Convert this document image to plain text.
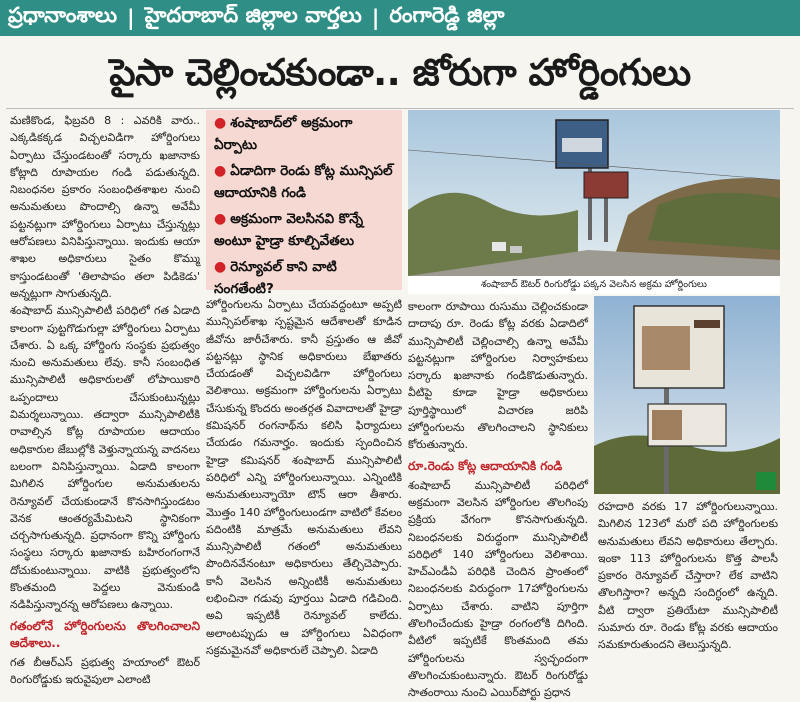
ప్రధానాంశాలు | హైదరాబాద్ జిల్లాల వార్తలు | రంగారెడ్డి జిల్లా
పైసా చెల్లించకుండా.. జోరుగా హోర్డింగులు

మణికొండ, ఫిబ్రవరి 8 : ఎవరికి వారు.. ఎక్కడికక్కడ విచ్చలవిడిగా హోర్డింగులు ఏర్పాటు చేస్తుండటంతో సర్కారు ఖజానాకు కోట్లాది రూపాయల గండి పడుతున్నది. నిబంధనల ప్రకారం సంబంధితశాఖల నుంచి అనుమతులు పొందాల్సి ఉన్నా అవేమీ పట్టనట్లుగా హోర్డింగులు ఏర్పాటు చేస్తున్నట్లు ఆరోపణలు వినిపిస్తున్నాయి. ఇందుకు ఆయా శాఖల అధికారులు సైతం కొమ్ము కాస్తుండటంతో 'తిలాపాపం తలా పిడికెడు' అన్నట్లుగా సాగుతున్నది.

శంషాబాద్ మున్సిపాలిటీ పరిధిలో గత ఏడాది కాలంగా పుట్టగొడుగుల్లా హోర్డింగులు ఏర్పాటు చేశారు. ఏ ఒక్క హోర్డింగు సంస్థకు ప్రభుత్వం నుంచి అనుమతులు లేవు. కానీ సంబంధిత మున్సిపాలిటీ అధికారులతో లోపాయికారి ఒప్పందాలు చేసుకుంటున్నట్లు విమర్శలున్నాయి. తద్వారా మున్సిపాలిటీకి రావాల్సిన కోట్ల రూపాయల ఆదాయం అధికారుల జేబుల్లోకి వెళ్తున్నాయన్న వాదనలు బలంగా వినిపిస్తున్నాయి. ఏడాది కాలంగా మిగిలిన హోర్డింగుల అనుమతులను రెన్యూవల్ చేయకుండానే కొనసాగిస్తుండటం వెనక ఆంతర్యమేమిటని స్థానికంగా చర్చసాగుతున్నది. ప్రధానంగా కొన్ని హోర్డింగు సంస్థలు సర్కారు ఖజానాకు బహిరంగంగానే దోచుకుంటున్నాయి. వాటికి ప్రభుత్వంలోని కొంతమంది పెద్దలు వెనుకుండి నడిపిస్తున్నారన్న ఆరోపణలు ఉన్నాయి.

గతంలోనే హోర్డింగులను తొలగించాలని ఆదేశాలు..

గత బీఆర్ఎస్ ప్రభుత్వ హయాంలో ఔటర్ రింగురోడ్డుకు ఇరువైపులా ఎలాంటి

● శంషాబాద్‌లో అక్రమంగా ఏర్పాటు
● ఏడాదిగా రెండు కోట్ల మున్సిపల్ ఆదాయానికి గండి
● అక్రమంగా వెలసినవి కొన్నే అంటూ హైడ్రా కూల్చివేతలు
● రెన్యూవల్ కాని వాటి సంగతేంటి?

హోర్డింగులను ఏర్పాటు చేయవద్దంటూ అప్పటి మున్సిపల్‌శాఖ స్పష్టమైన ఆదేశాలతో కూడిన జీవోను జారీచేశారు. కానీ ప్రస్తుతం ఆ జీవో పట్టనట్లు స్థానిక అధికారులు బేఖాతరు చేయడంతో విచ్చలవిడిగా హోర్డింగులు వెలిశాయి. అక్రమంగా హోర్డింగులను ఏర్పాటు చేసుకున్న కొందరు అంతర్గత వివాదాలతో హైడ్రా కమిషనర్ రంగనాథ్‌ను కలిసి ఫిర్యాదులు చేయడం గమనార్హం. ఇందుకు స్పందించిన హైడ్రా కమిషనర్ శంషాబాద్ మున్సిపాలిటీ పరిధిలో ఎన్ని హోర్డింగులున్నాయి. ఎన్నింటికి అనుమతులున్నాయో టౌన్ ఆరా తీశారు. మొత్తం 140 హోర్డింగులుండగా వాటిలో కేవలం పదింటికి మాత్రమే అనుమతులు లేవని మున్సిపాలిటీ గతంలో అనుమతులు పొందినవేనంటూ అధికారులు తేల్చిచెప్పారు. కానీ వెలసిన అన్నింటికీ అనుమతులు లభించినా గడువు పూర్తయి ఏడాది గడిచింది. అవి ఇప్పటికీ రెన్యూవల్ కాలేదు. అలాంటప్పుడు ఆ హోర్డింగులు ఏవిధంగా సక్రమమైనవో అధికారులే చెప్పాలి. ఏడాది

శంషాబాద్ ఔటర్ రింగురోడ్డు పక్కన వెలసిన అక్రమ హోర్డింగులు

కాలంగా రూపాయి రుసుము చెల్లించకుండా దాదాపు రూ. రెండు కోట్ల వరకు ఏడాదిలో మున్సిపాలిటీ చెల్లించాల్సి ఉన్నా అవేమీ పట్టనట్లుగా హోర్డింగుల నిర్వాహకులు సర్కారు ఖజానాకు గండికొడుతున్నారు. వీటిపై కూడా హైడ్రా అధికారులు పూర్తిస్థాయిలో విచారణ జరిపి హోర్డింగులను తొలగించాలని స్థానికులు కోరుతున్నారు.

రూ.రెండు కోట్ల ఆదాయానికి గండి

శంషాబాద్ మున్సిపాలిటీ పరిధిలో అక్రమంగా వెలసిన హోర్డింగుల తొలగింపు ప్రక్రియ వేగంగా కొనసాగుతున్నది. నిబంధనలకు విరుద్ధంగా మున్సిపాలిటీ పరిధిలో 140 హోర్డింగులు వెలిశాయి. హెచ్ఎండీఏ పరిధికి చెందిన ప్రాంతంలో నిబంధనలకు విరుద్ధంగా 17హోర్డింగులను ఏర్పాటు చేశారు. వాటిని పూర్తిగా తొలగించేందుకు హైడ్రా రంగంలోకి దిగింది. వీటిలో ఇప్పటికే కొంతమంది తమ హోర్డింగులను స్వచ్ఛందంగా తొలగించుకుంటున్నారు. ఔటర్ రింగురోడ్డు సాతంరాయి నుంచి ఎయిర్‌పోర్టు ప్రధాన

రహదారి వరకు 17 హోర్డింగులున్నాయి. మిగిలిన 123లో మరో పది హోర్డింగులకు అనుమతులు లేవని అధికారులు తేల్చారు. ఇంకా 113 హోర్డింగులను కొత్త పాలసీ ప్రకారం రెన్యూవల్ చేస్తారా? లేక వాటిని తొలగిస్తారా? అన్నది సందిగ్ధంలో ఉన్నది. వీటి ద్వారా ప్రతియేటా మున్సిపాలిటీ సుమారు రూ. రెండు కోట్ల వరకు ఆదాయం సమకూరుతుందని తెలుస్తున్నది.
